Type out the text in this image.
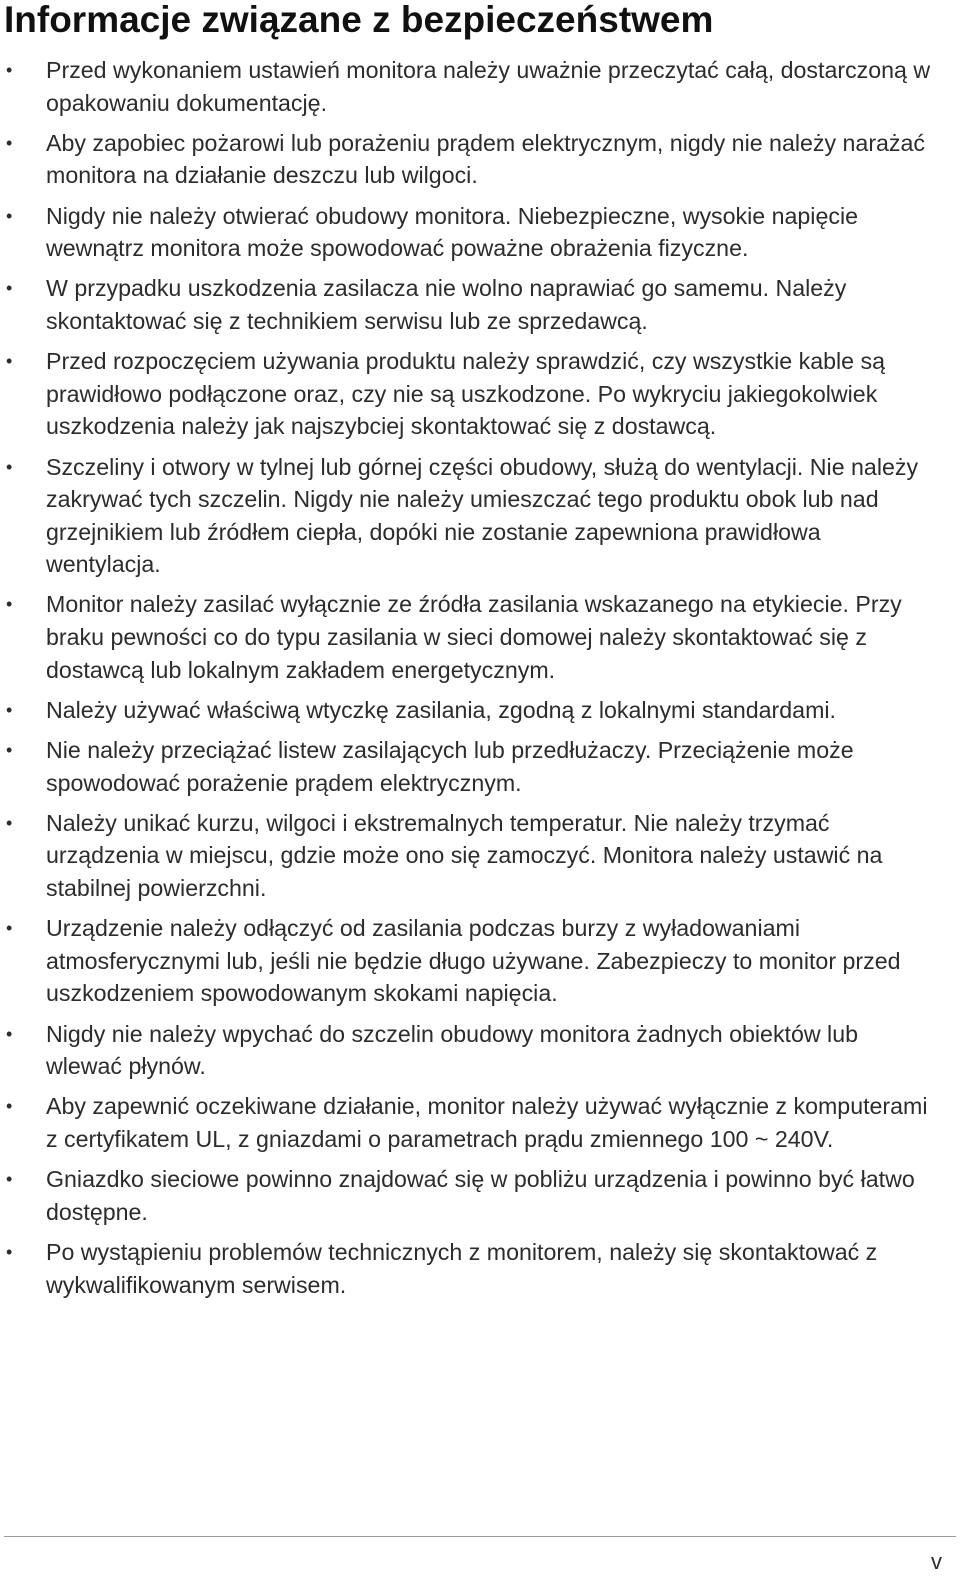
Informacje związane z bezpieczeństwem
• Przed wykonaniem ustawień monitora należy uważnie przeczytać całą, dostarczoną w opakowaniu dokumentację.
• Aby zapobiec pożarowi lub porażeniu prądem elektrycznym, nigdy nie należy narażać monitora na działanie deszczu lub wilgoci.
• Nigdy nie należy otwierać obudowy monitora. Niebezpieczne, wysokie napięcie wewnątrz monitora może spowodować poważne obrażenia fizyczne.
• W przypadku uszkodzenia zasilacza nie wolno naprawiać go samemu. Należy skontaktować się z technikiem serwisu lub ze sprzedawcą.
• Przed rozpoczęciem używania produktu należy sprawdzić, czy wszystkie kable są prawidłowo podłączone oraz, czy nie są uszkodzone. Po wykryciu jakiegokolwiek uszkodzenia należy jak najszybciej skontaktować się z dostawcą.
• Szczeliny i otwory w tylnej lub górnej części obudowy, służą do wentylacji. Nie należy zakrywać tych szczelin. Nigdy nie należy umieszczać tego produktu obok lub nad grzejnikiem lub źródłem ciepła, dopóki nie zostanie zapewniona prawidłowa wentylacja.
• Monitor należy zasilać wyłącznie ze źródła zasilania wskazanego na etykiecie. Przy braku pewności co do typu zasilania w sieci domowej należy skontaktować się z dostawcą lub lokalnym zakładem energetycznym.
• Należy używać właściwą wtyczkę zasilania, zgodną z lokalnymi standardami.
• Nie należy przeciążać listew zasilających lub przedłużaczy. Przeciążenie może spowodować porażenie prądem elektrycznym.
• Należy unikać kurzu, wilgoci i ekstremalnych temperatur. Nie należy trzymać urządzenia w miejscu, gdzie może ono się zamoczyć. Monitora należy ustawić na stabilnej powierzchni.
• Urządzenie należy odłączyć od zasilania podczas burzy z wyładowaniami atmosferycznymi lub, jeśli nie będzie długo używane. Zabezpieczy to monitor przed uszkodzeniem spowodowanym skokami napięcia.
• Nigdy nie należy wpychać do szczelin obudowy monitora żadnych obiektów lub wlewać płynów.
• Aby zapewnić oczekiwane działanie, monitor należy używać wyłącznie z komputerami z certyfikatem UL, z gniazdami o parametrach prądu zmiennego 100 ~ 240V.
• Gniazdko sieciowe powinno znajdować się w pobliżu urządzenia i powinno być łatwo dostępne.
• Po wystąpieniu problemów technicznych z monitorem, należy się skontaktować z wykwalifikowanym serwisem.
v
